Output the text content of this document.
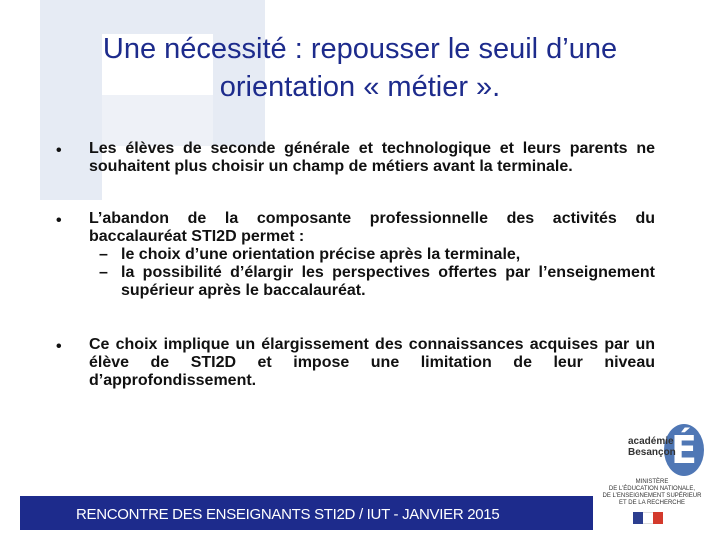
Une nécessité : repousser le seuil d’une
orientation « métier ».
• Les élèves de seconde générale et technologique et leurs parents ne souhaitent plus choisir un champ de métiers avant la terminale.
• L’abandon de la composante professionnelle des activités du baccalauréat STI2D permet :
– le choix d’une orientation précise après la terminale,
– la possibilité d’élargir les perspectives offertes par l’enseignement supérieur après le baccalauréat.
• Ce choix implique un élargissement des connaissances acquises par un élève de STI2D et impose une limitation de leur niveau d’approfondissement.
RENCONTRE DES ENSEIGNANTS STI2D / IUT - JANVIER 2015
É
académie
Besançon
MINISTÈRE
DE L’ÉDUCATION NATIONALE,
DE L’ENSEIGNEMENT SUPÉRIEUR
ET DE LA RECHERCHE
